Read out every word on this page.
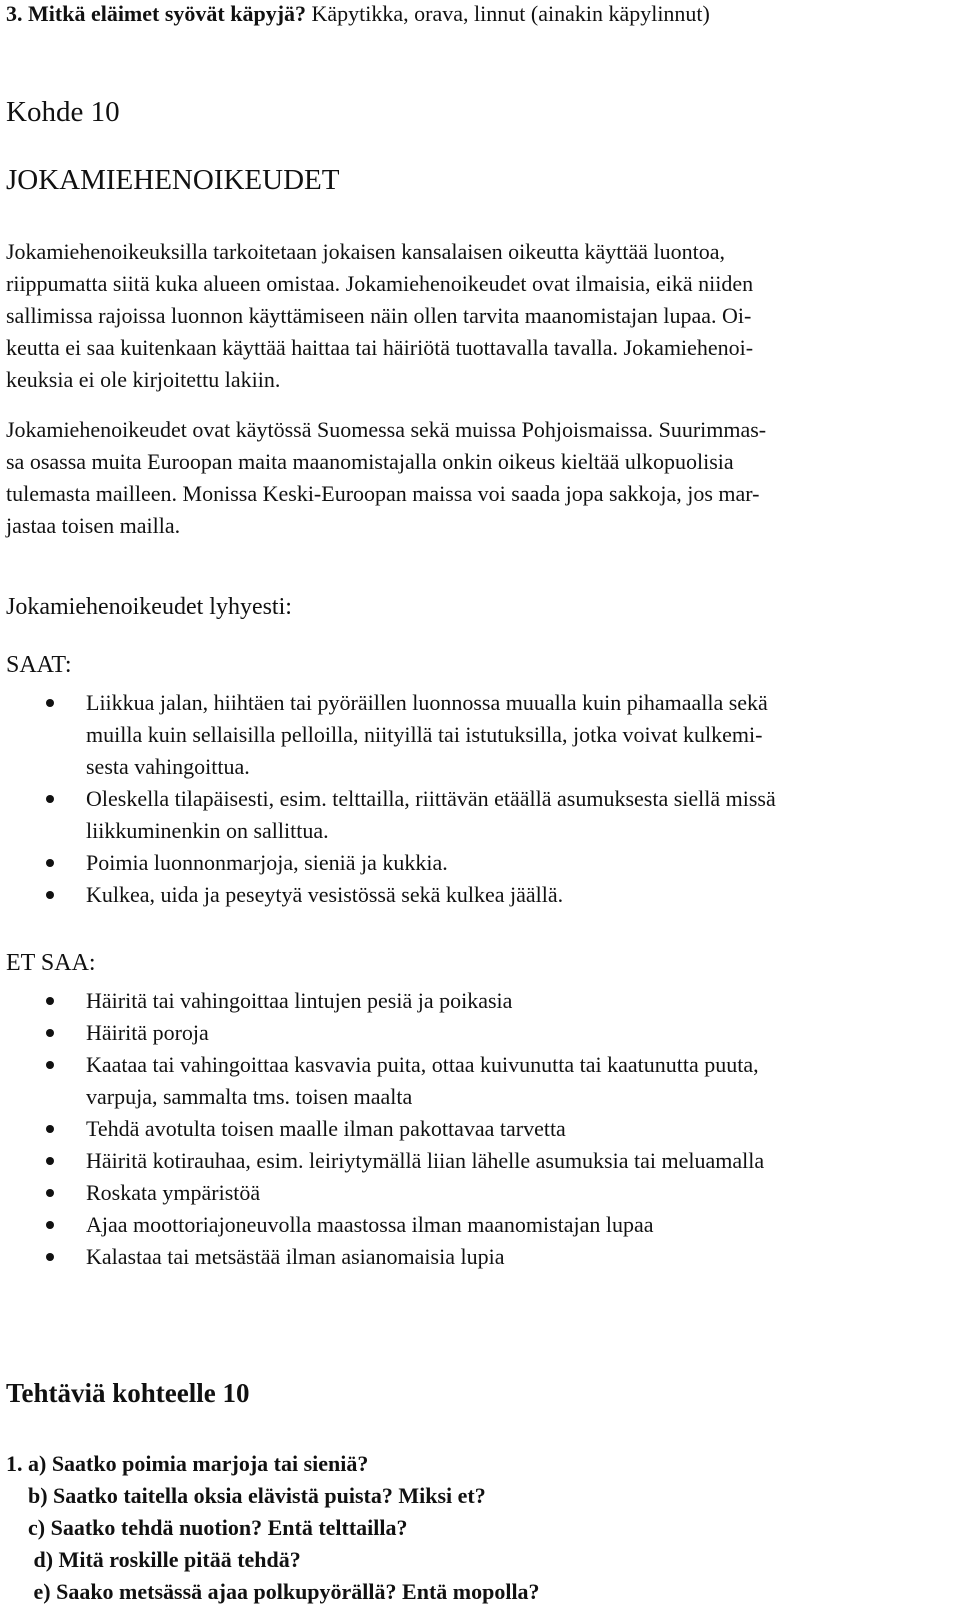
3. Mitkä eläimet syövät käpyjä? Käpytikka, orava, linnut (ainakin käpylinnut)
Kohde 10
JOKAMIEHENOIKEUDET
Jokamiehenoikeuksilla tarkoitetaan jokaisen kansalaisen oikeutta käyttää luontoa,
riippumatta siitä kuka alueen omistaa. Jokamiehenoikeudet ovat ilmaisia, eikä niiden
sallimissa rajoissa luonnon käyttämiseen näin ollen tarvita maanomistajan lupaa. Oi-
keutta ei saa kuitenkaan käyttää haittaa tai häiriötä tuottavalla tavalla. Jokamiehenoi-
keuksia ei ole kirjoitettu lakiin.
Jokamiehenoikeudet ovat käytössä Suomessa sekä muissa Pohjoismaissa. Suurimmas-
sa osassa muita Euroopan maita maanomistajalla onkin oikeus kieltää ulkopuolisia
tulemasta mailleen. Monissa Keski-Euroopan maissa voi saada jopa sakkoja, jos mar-
jastaa toisen mailla.
Jokamiehenoikeudet lyhyesti:
SAAT:
Liikkua jalan, hiihtäen tai pyöräillen luonnossa muualla kuin pihamaalla sekä
muilla kuin sellaisilla pelloilla, niityillä tai istutuksilla, jotka voivat kulkemi-
sesta vahingoittua.
Oleskella tilapäisesti, esim. telttailla, riittävän etäällä asumuksesta siellä missä
liikkuminenkin on sallittua.
Poimia luonnonmarjoja, sieniä ja kukkia.
Kulkea, uida ja peseytyä vesistössä sekä kulkea jäällä.
ET SAA:
Häiritä tai vahingoittaa lintujen pesiä ja poikasia
Häiritä poroja
Kaataa tai vahingoittaa kasvavia puita, ottaa kuivunutta tai kaatunutta puuta,
varpuja, sammalta tms. toisen maalta
Tehdä avotulta toisen maalle ilman pakottavaa tarvetta
Häiritä kotirauhaa, esim. leiriytymällä liian lähelle asumuksia tai meluamalla
Roskata ympäristöä
Ajaa moottoriajoneuvolla maastossa ilman maanomistajan lupaa
Kalastaa tai metsästää ilman asianomaisia lupia
Tehtäviä kohteelle 10
1. a) Saatko poimia marjoja tai sieniä?
b) Saatko taitella oksia elävistä puista? Miksi et?
c) Saatko tehdä nuotion? Entä telttailla?
d) Mitä roskille pitää tehdä?
e) Saako metsässä ajaa polkupyörällä? Entä mopolla?
